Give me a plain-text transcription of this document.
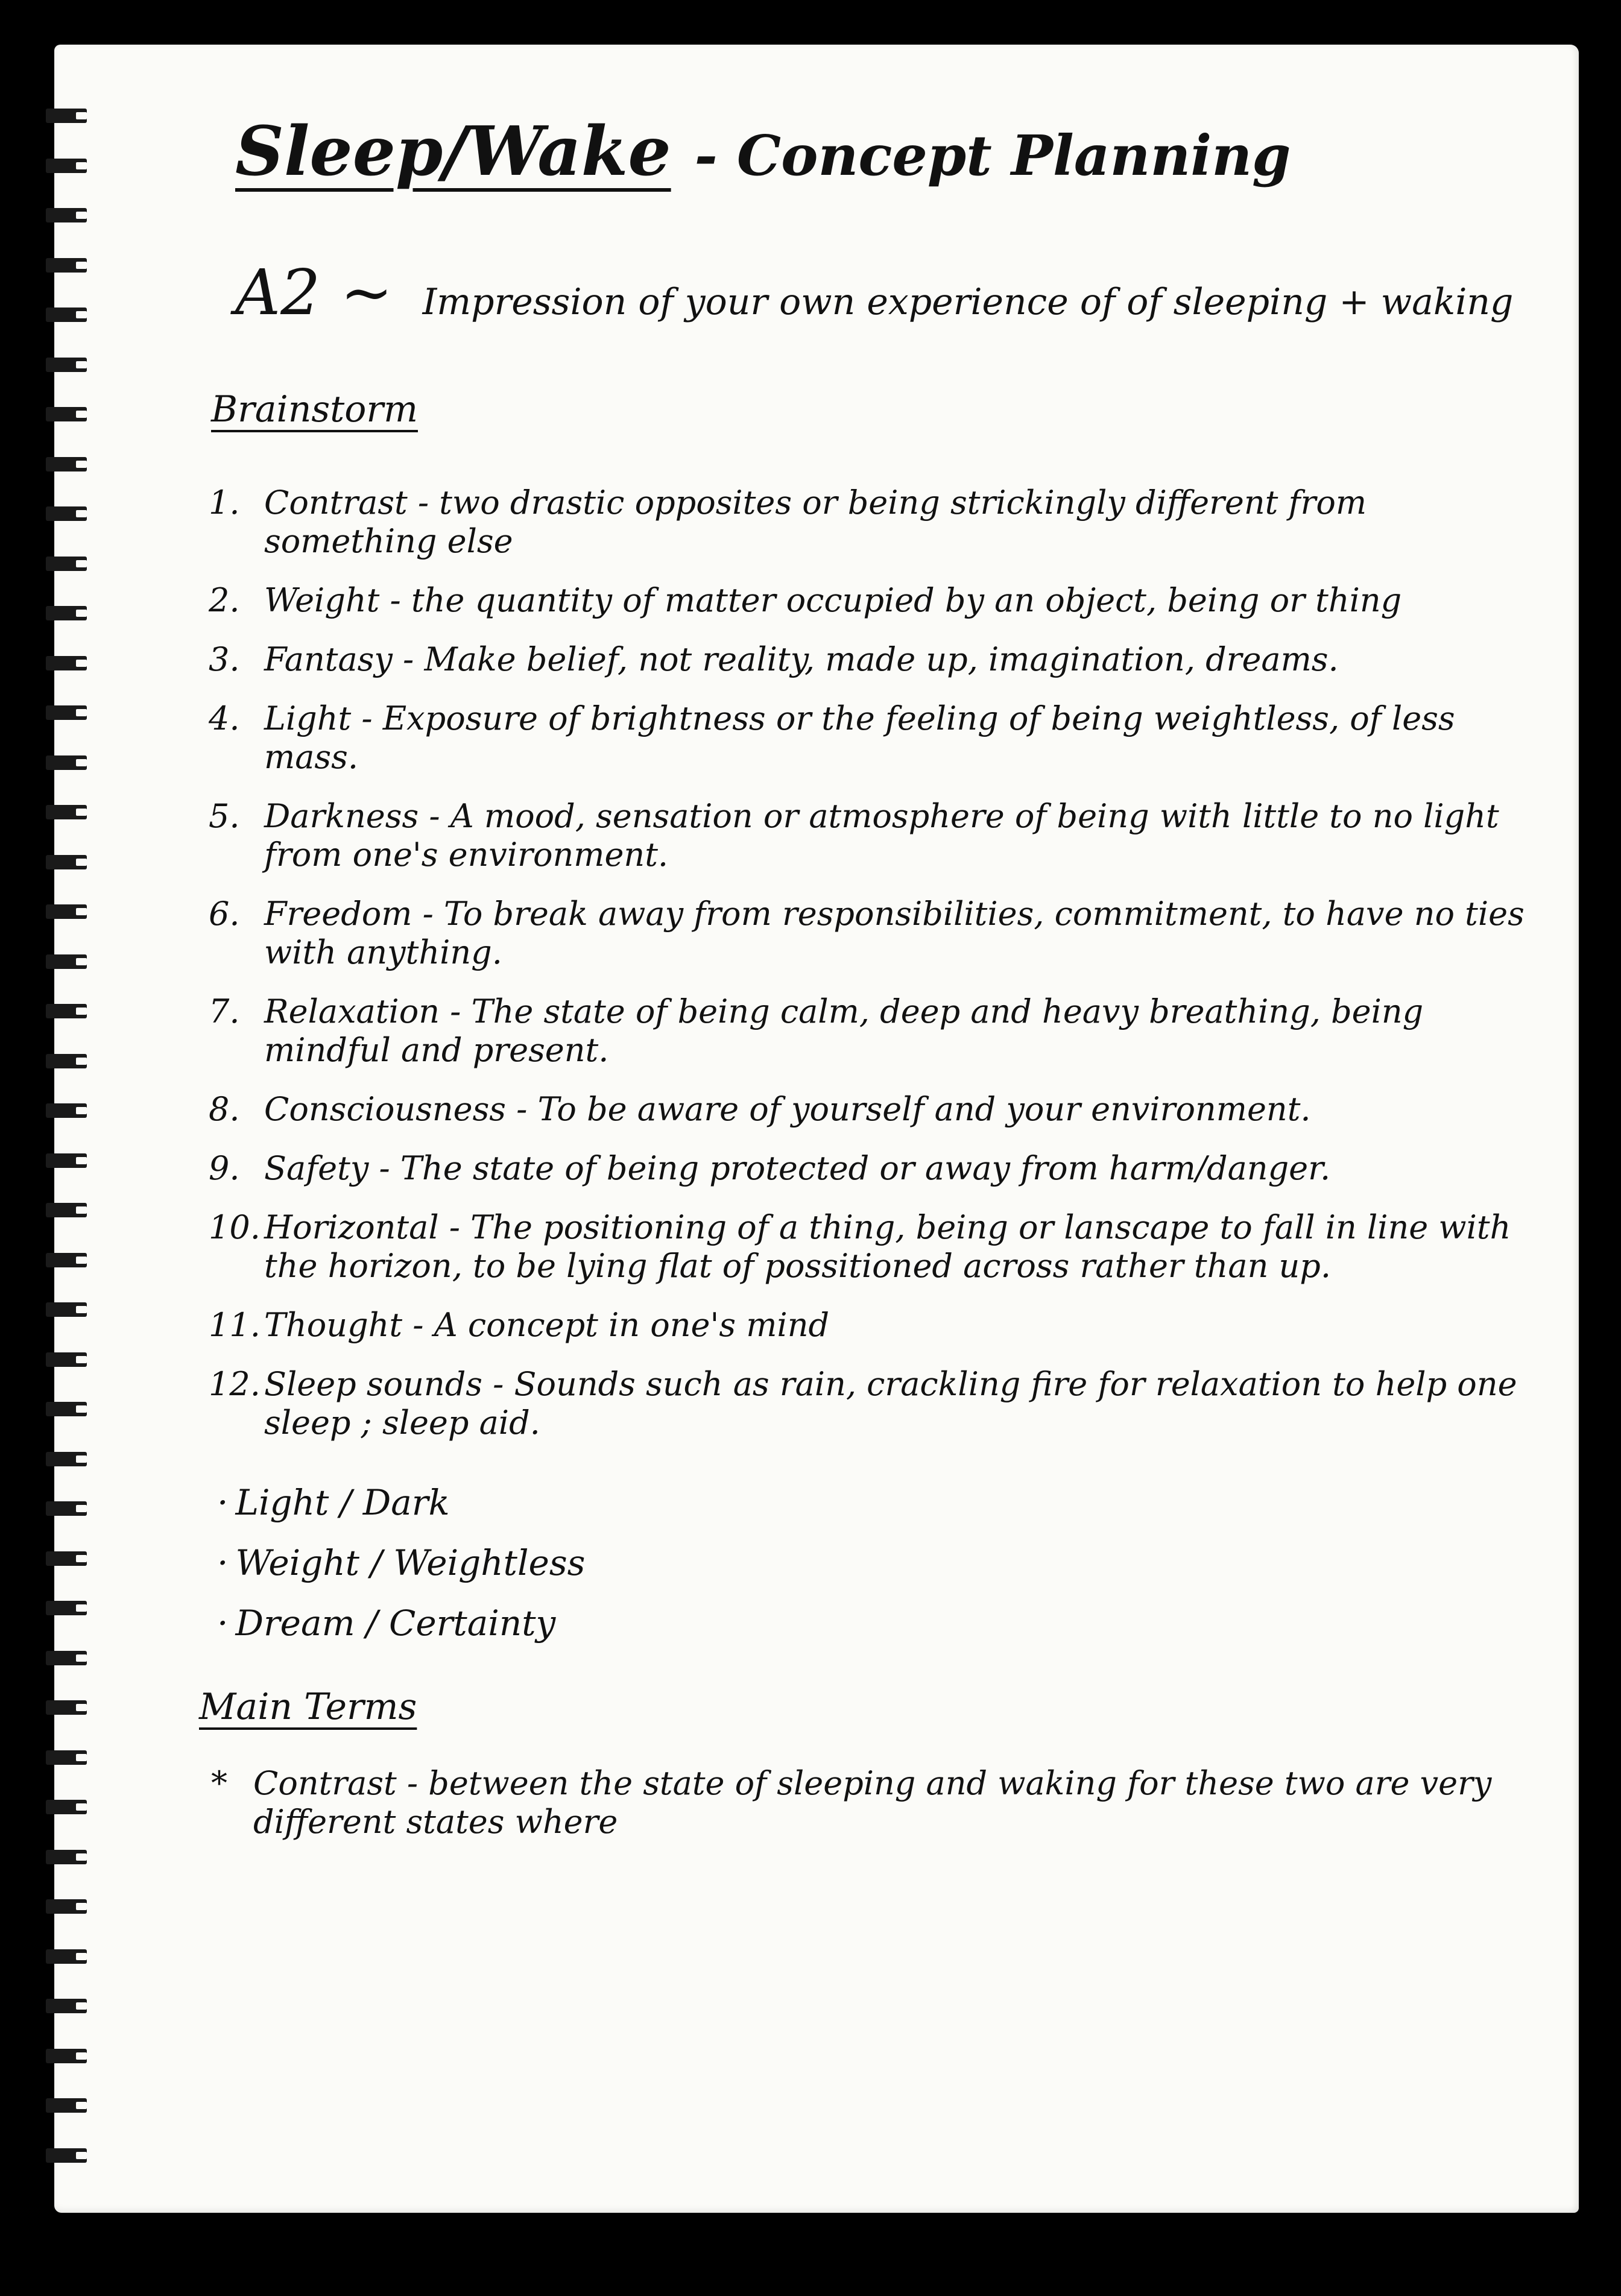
Sleep/Wake - Concept Planning
A2 ~ Impression of your own experience of of sleeping + waking
Brainstorm
1. Contrast - two drastic opposites or being strickingly different from something else
2. Weight - the quantity of matter occupied by an object, being or thing
3. Fantasy - Make belief, not reality, made up, imagination, dreams.
4. Light - Exposure of brightness or the feeling of being weightless, of less mass.
5. Darkness - A mood, sensation or atmosphere of being with little to no light from one's environment.
6. Freedom - To break away from responsibilities, commitment, to have no ties with anything.
7. Relaxation - The state of being calm, deep and heavy breathing, being mindful and present.
8. Consciousness - To be aware of yourself and your environment.
9. Safety - The state of being protected or away from harm/danger.
10. Horizontal - The positioning of a thing, being or lanscape to fall in line with the horizon, to be lying flat of possitioned across rather than up.
11. Thought - A concept in one's mind
12. Sleep sounds - Sounds such as rain, crackling fire for relaxation to help one sleep ; sleep aid.
· Light / Dark
· Weight / Weightless
· Dream / Certainty
Main Terms
* Contrast - between the state of sleeping and waking for these two are very different states where
